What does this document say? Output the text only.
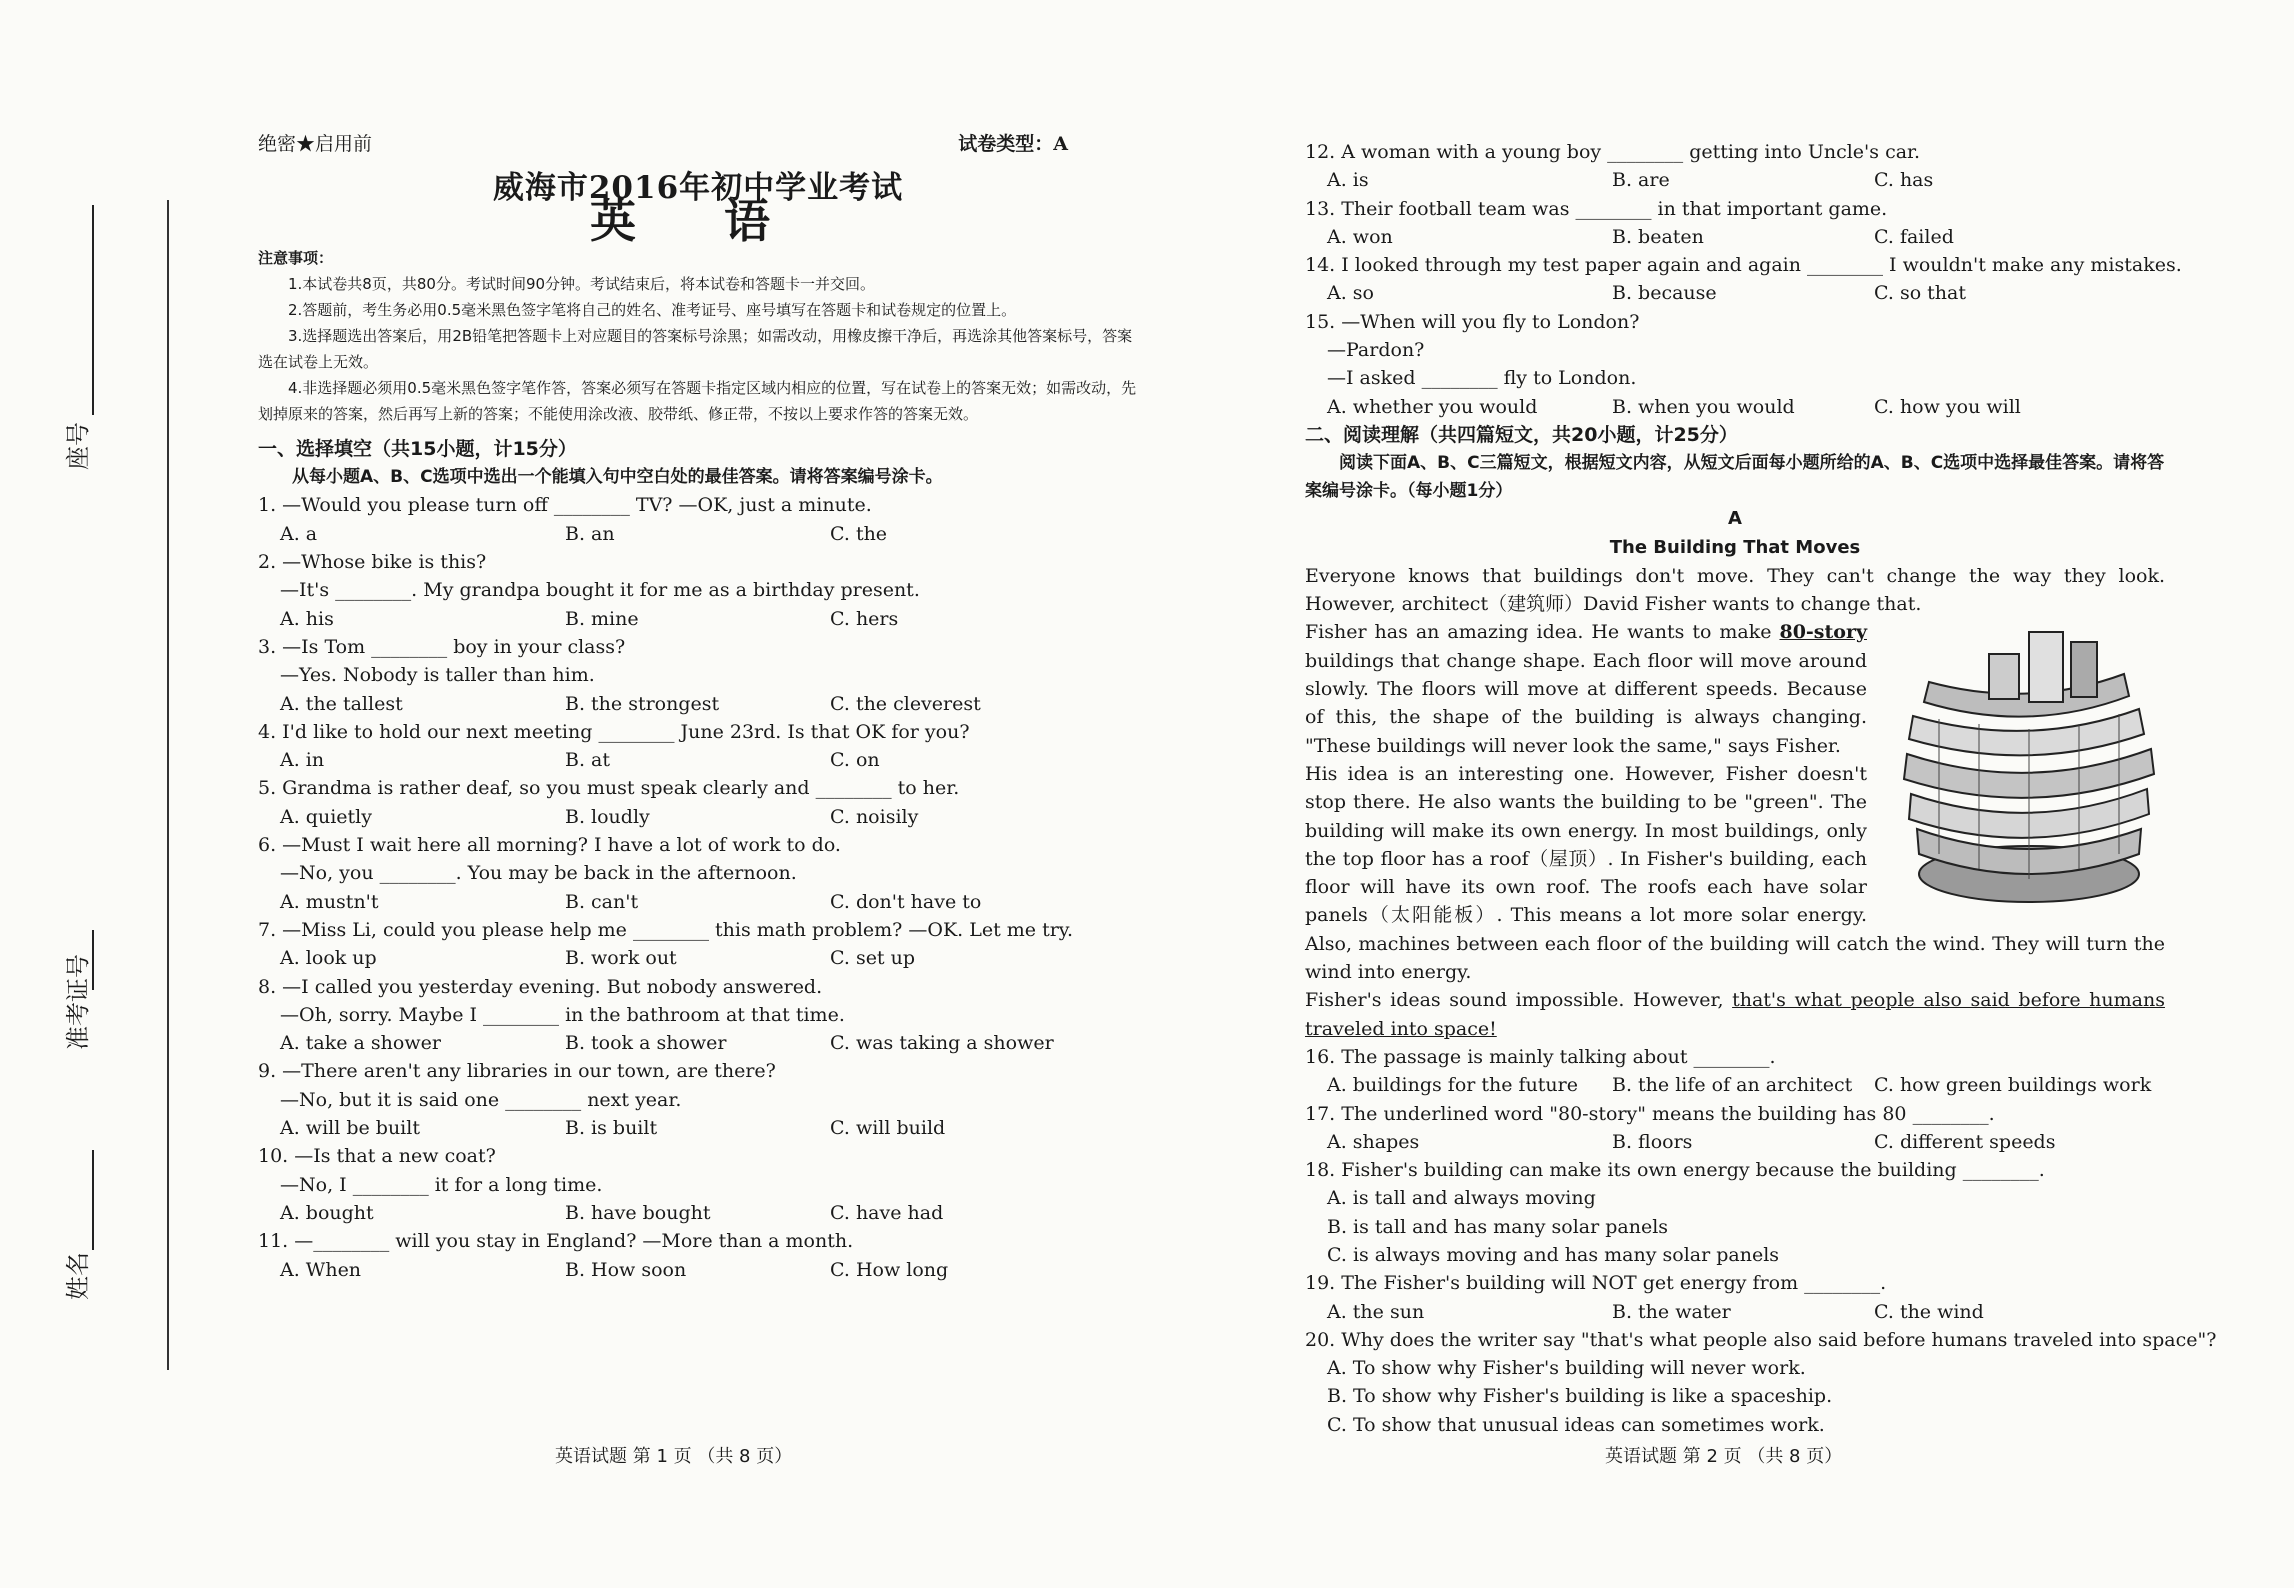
座号
准考证号
姓名
绝密★启用前	试卷类型：A
威海市2016年初中学业考试
英 语
注意事项：
1.本试卷共8页，共80分。考试时间90分钟。考试结束后，将本试卷和答题卡一并交回。
2.答题前，考生务必用0.5毫米黑色签字笔将自己的姓名、准考证号、座号填写在答题卡和试卷规定的位置上。
3.选择题选出答案后，用2B铅笔把答题卡上对应题目的答案标号涂黑；如需改动，用橡皮擦干净后，再选涂其他答案标号，答案选在试卷上无效。
4.非选择题必须用0.5毫米黑色签字笔作答，答案必须写在答题卡指定区域内相应的位置，写在试卷上的答案无效；如需改动，先划掉原来的答案，然后再写上新的答案；不能使用涂改液、胶带纸、修正带，不按以上要求作答的答案无效。
一、选择填空（共15小题，计15分）
从每小题A、B、C选项中选出一个能填入句中空白处的最佳答案。请将答案编号涂卡。
1. —Would you please turn off ________ TV? —OK, just a minute.
A. a	B. an	C. the
2. —Whose bike is this?
—It's ________. My grandpa bought it for me as a birthday present.
A. his	B. mine	C. hers
3. —Is Tom ________ boy in your class?
—Yes. Nobody is taller than him.
A. the tallest	B. the strongest	C. the cleverest
4. I'd like to hold our next meeting ________ June 23rd. Is that OK for you?
A. in	B. at	C. on
5. Grandma is rather deaf, so you must speak clearly and ________ to her.
A. quietly	B. loudly	C. noisily
6. —Must I wait here all morning? I have a lot of work to do.
—No, you ________. You may be back in the afternoon.
A. mustn't	B. can't	C. don't have to
7. —Miss Li, could you please help me ________ this math problem? —OK. Let me try.
A. look up	B. work out	C. set up
8. —I called you yesterday evening. But nobody answered.
—Oh, sorry. Maybe I ________ in the bathroom at that time.
A. take a shower	B. took a shower	C. was taking a shower
9. —There aren't any libraries in our town, are there?
—No, but it is said one ________ next year.
A. will be built	B. is built	C. will build
10. —Is that a new coat?
—No, I ________ it for a long time.
A. bought	B. have bought	C. have had
11. —________ will you stay in England? —More than a month.
A. When	B. How soon	C. How long
12. A woman with a young boy ________ getting into Uncle's car.
A. is	B. are	C. has
13. Their football team was ________ in that important game.
A. won	B. beaten	C. failed
14. I looked through my test paper again and again ________ I wouldn't make any mistakes.
A. so	B. because	C. so that
15. —When will you fly to London?
—Pardon?
—I asked ________ fly to London.
A. whether you would	B. when you would	C. how you will
二、阅读理解（共四篇短文，共20小题，计25分）
阅读下面A、B、C三篇短文，根据短文内容，从短文后面每小题所给的A、B、C选项中选择最佳答案。请将答案编号涂卡。（每小题1分）
A
The Building That Moves
Everyone knows that buildings don't move. They can't change the way they look. However, architect（建筑师）David Fisher wants to change that.
Fisher has an amazing idea. He wants to make 80-story buildings that change shape. Each floor will move around slowly. The floors will move at different speeds. Because of this, the shape of the building is always changing. "These buildings will never look the same," says Fisher.
His idea is an interesting one. However, Fisher doesn't stop there. He also wants the building to be "green". The building will make its own energy. In most buildings, only the top floor has a roof（屋顶）. In Fisher's building, each floor will have its own roof. The roofs each have solar panels（太阳能板）. This means a lot more solar energy. Also, machines between each floor of the building will catch the wind. They will turn the wind into energy.
Fisher's ideas sound impossible. However, that's what people also said before humans traveled into space!
16. The passage is mainly talking about ________.
A. buildings for the future	B. the life of an architect	C. how green buildings work
17. The underlined word "80-story" means the building has 80 ________.
A. shapes	B. floors	C. different speeds
18. Fisher's building can make its own energy because the building ________.
A. is tall and always moving
B. is tall and has many solar panels
C. is always moving and has many solar panels
19. The Fisher's building will NOT get energy from ________.
A. the sun	B. the water	C. the wind
20. Why does the writer say "that's what people also said before humans traveled into space"?
A. To show why Fisher's building will never work.
B. To show why Fisher's building is like a spaceship.
C. To show that unusual ideas can sometimes work.
英语试题 第 1 页 （共 8 页）	英语试题 第 2 页 （共 8 页）
